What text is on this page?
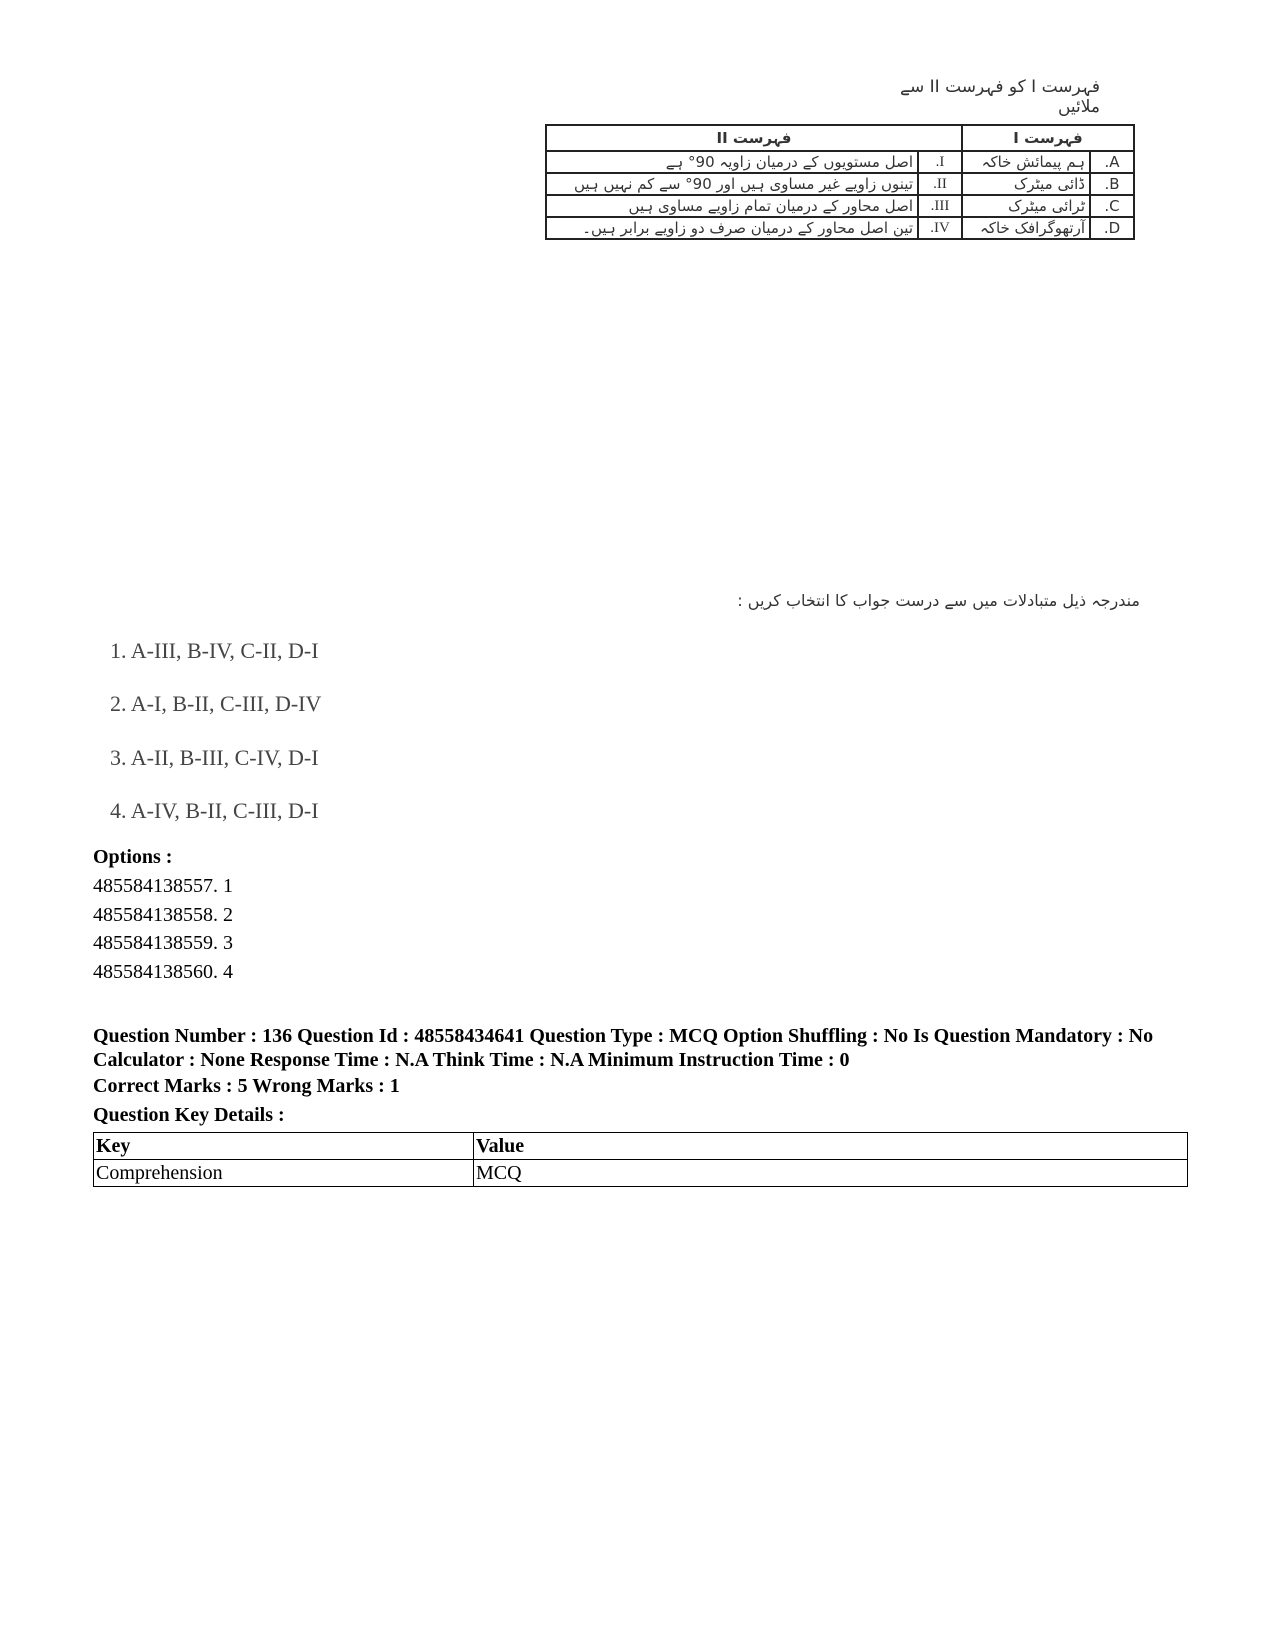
فہرست I کو فہرست II سے ملائیں
فہرست I		فہرست II	
A.	ہم پیمائش خاکہ	I.	اصل مستویوں کے درمیان زاویہ 90° ہے
B.	ڈائی میٹرک	II.	تینوں زاویے غیر مساوی ہیں اور 90° سے کم نہیں ہیں
C.	ٹرائی میٹرک	III.	اصل محاور کے درمیان تمام زاویے مساوی ہیں
D.	آرتھوگرافک خاکہ	IV.	تین اصل محاور کے درمیان صرف دو زاویے برابر ہیں۔
مندرجہ ذیل متبادلات میں سے درست جواب کا انتخاب کریں :
1. A-III, B-IV, C-II, D-I
2. A-I, B-II, C-III, D-IV
3. A-II, B-III, C-IV, D-I
4. A-IV, B-II, C-III, D-I
Options :
485584138557. 1
485584138558. 2
485584138559. 3
485584138560. 4
Question Number : 136 Question Id : 48558434641 Question Type : MCQ Option Shuffling : No Is Question Mandatory : No Calculator : None Response Time : N.A Think Time : N.A Minimum Instruction Time : 0
Correct Marks : 5 Wrong Marks : 1
Question Key Details :
Key	Value
Comprehension	MCQ
